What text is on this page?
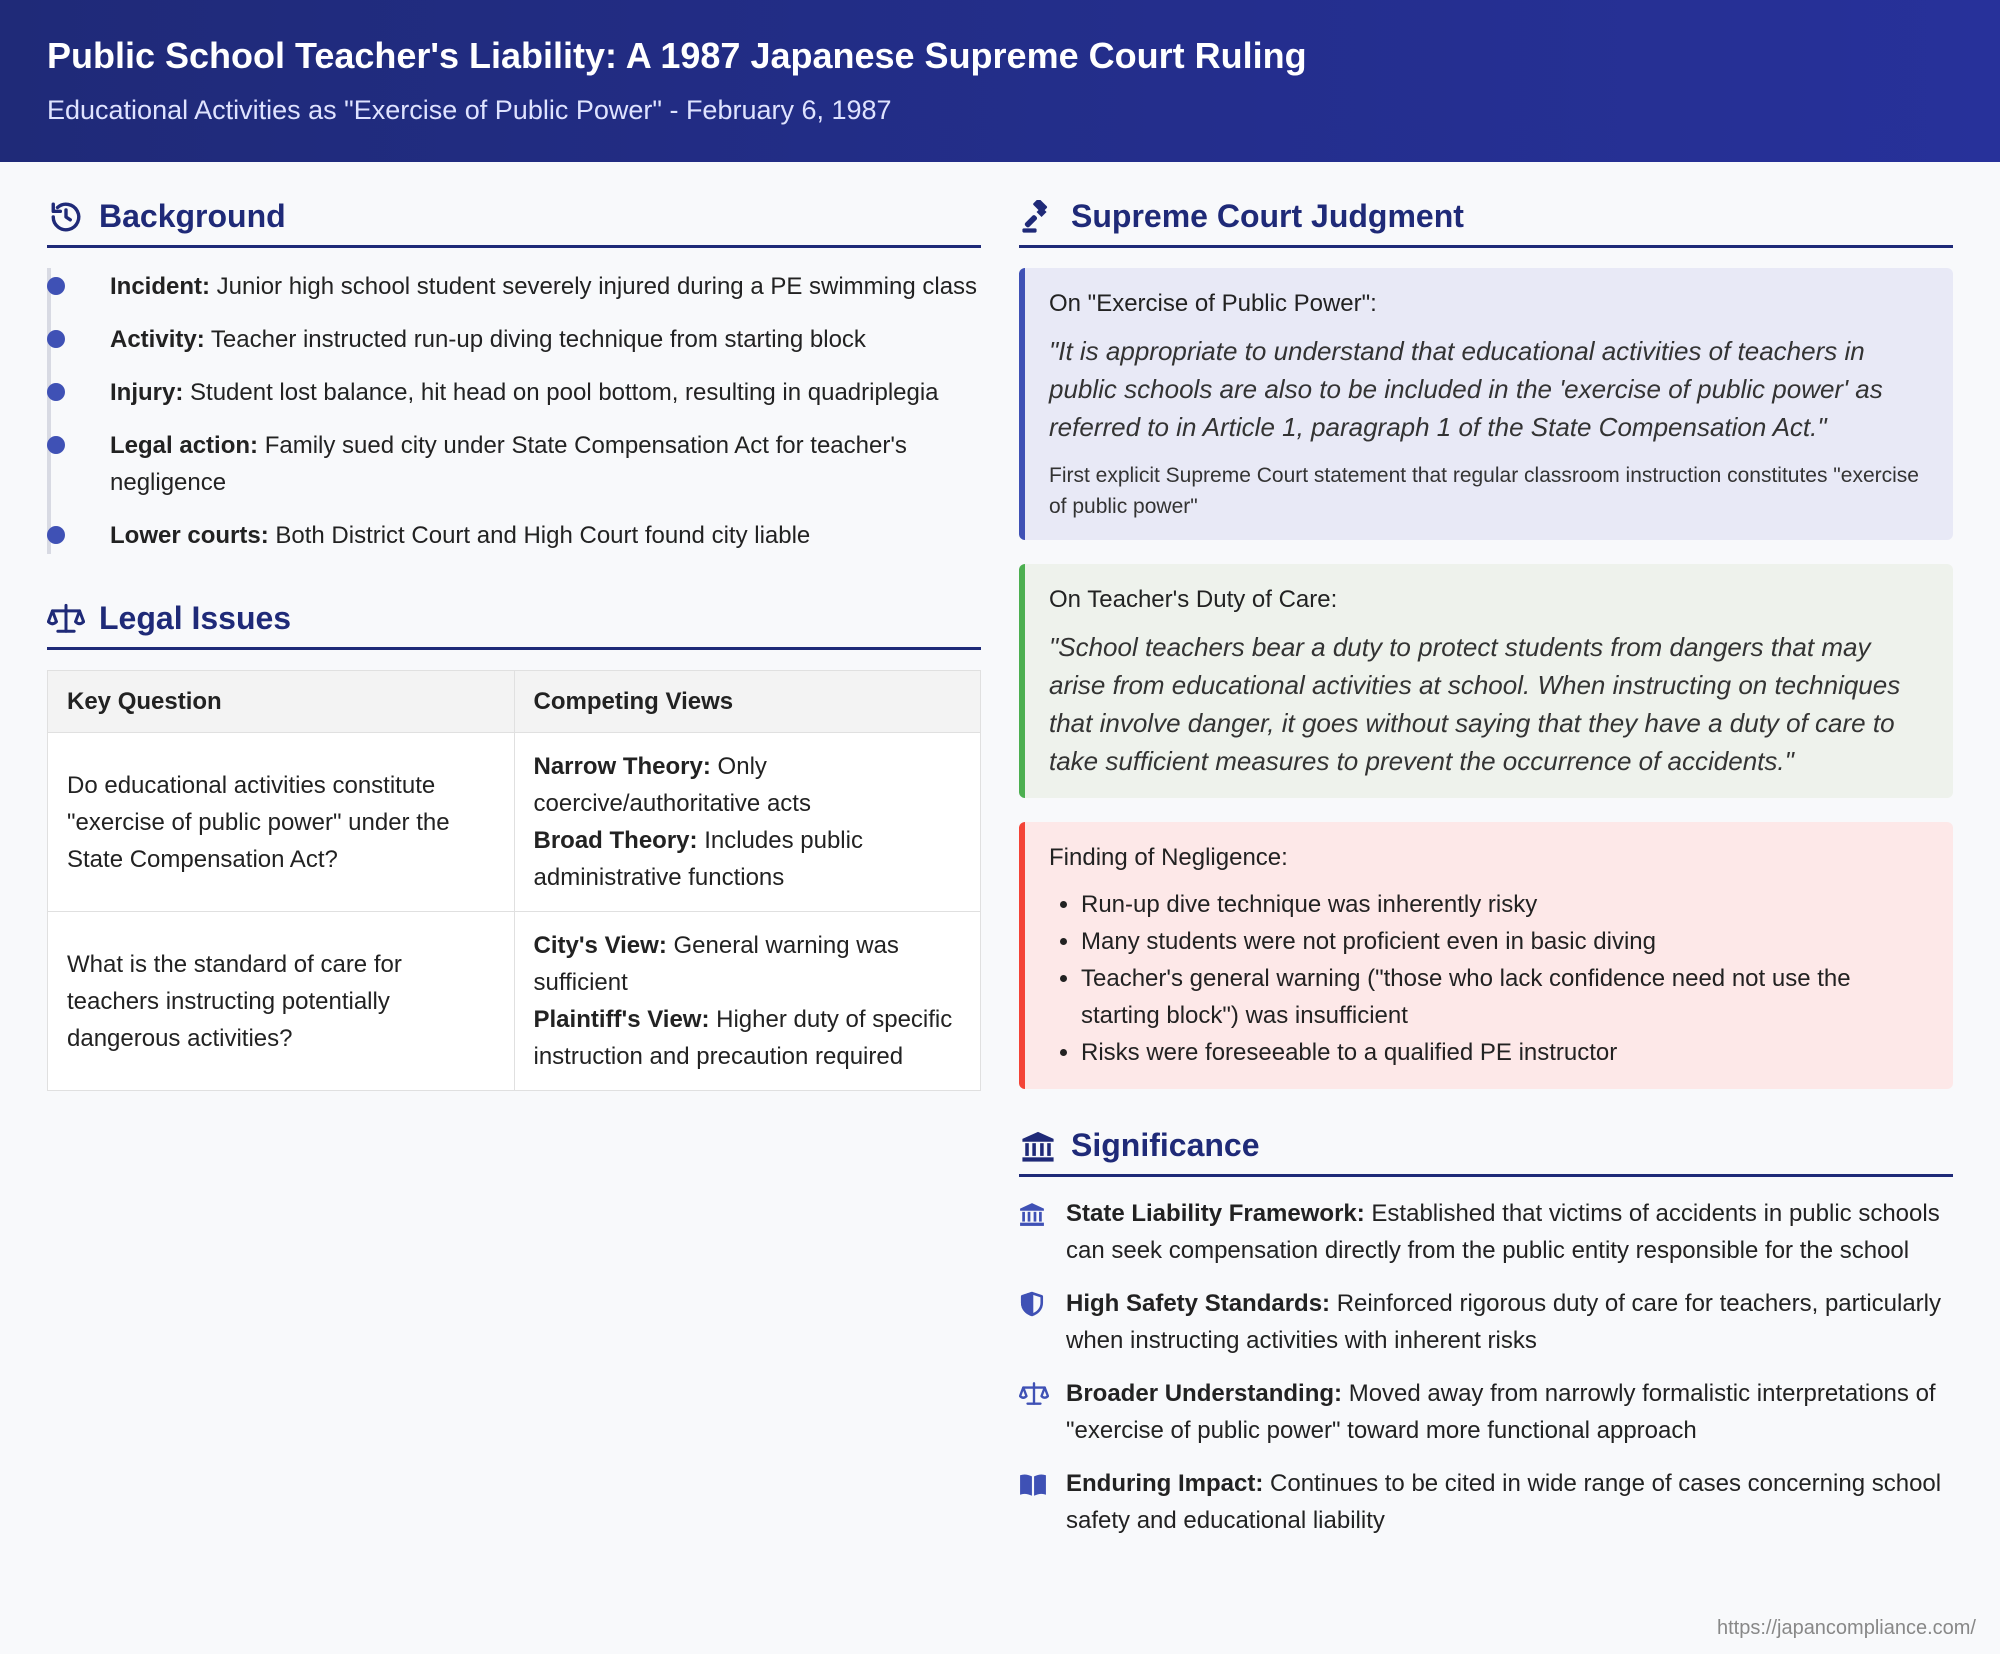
Public School Teacher's Liability: A 1987 Japanese Supreme Court Ruling
Educational Activities as "Exercise of Public Power" - February 6, 1987
Background
Incident: Junior high school student severely injured during a PE swimming class
Activity: Teacher instructed run-up diving technique from starting block
Injury: Student lost balance, hit head on pool bottom, resulting in quadriplegia
Legal action: Family sued city under State Compensation Act for teacher's negligence
Lower courts: Both District Court and High Court found city liable
Legal Issues
Key Question	Competing Views
Do educational activities constitute "exercise of public power" under the State Compensation Act?	Narrow Theory: Only coercive/authoritative acts
Broad Theory: Includes public administrative functions
What is the standard of care for teachers instructing potentially dangerous activities?	City's View: General warning was sufficient
Plaintiff's View: Higher duty of specific instruction and precaution required
Supreme Court Judgment
On "Exercise of Public Power":
"It is appropriate to understand that educational activities of teachers in public schools are also to be included in the 'exercise of public power' as referred to in Article 1, paragraph 1 of the State Compensation Act."
First explicit Supreme Court statement that regular classroom instruction constitutes "exercise of public power"
On Teacher's Duty of Care:
"School teachers bear a duty to protect students from dangers that may arise from educational activities at school. When instructing on techniques that involve danger, it goes without saying that they have a duty of care to take sufficient measures to prevent the occurrence of accidents."
Finding of Negligence:
• Run-up dive technique was inherently risky
• Many students were not proficient even in basic diving
• Teacher's general warning ("those who lack confidence need not use the starting block") was insufficient
• Risks were foreseeable to a qualified PE instructor
Significance
State Liability Framework: Established that victims of accidents in public schools can seek compensation directly from the public entity responsible for the school
High Safety Standards: Reinforced rigorous duty of care for teachers, particularly when instructing activities with inherent risks
Broader Understanding: Moved away from narrowly formalistic interpretations of "exercise of public power" toward more functional approach
Enduring Impact: Continues to be cited in wide range of cases concerning school safety and educational liability
https://japancompliance.com/
